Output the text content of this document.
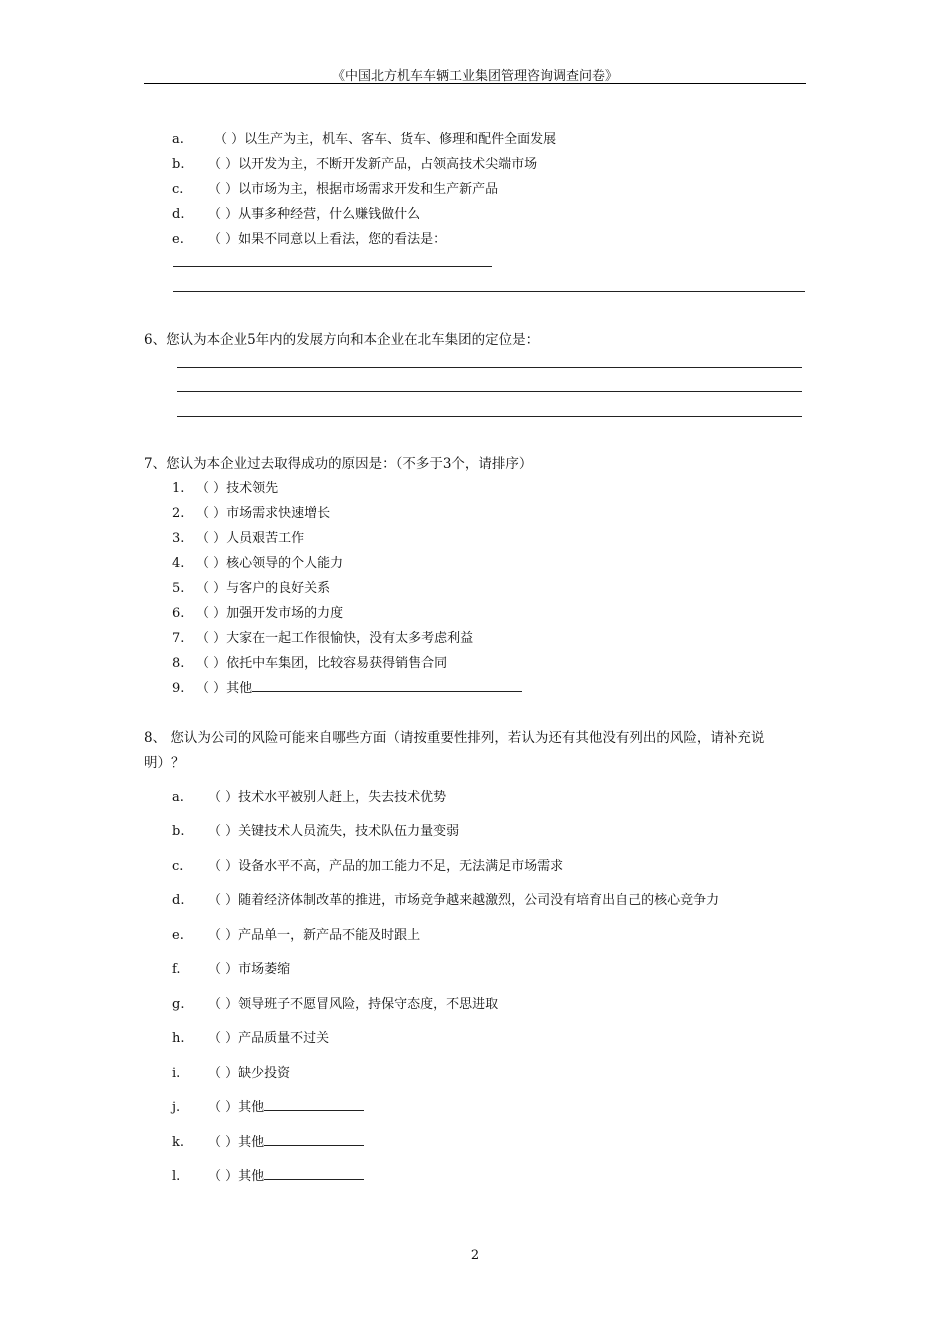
《中国北方机车车辆工业集团管理咨询调查问卷》
a. （ ）以生产为主，机车、客车、货车、修理和配件全面发展
b. （ ）以开发为主，不断开发新产品，占领高技术尖端市场
c. （ ）以市场为主，根据市场需求开发和生产新产品
d. （ ）从事多种经营，什么赚钱做什么
e. （ ）如果不同意以上看法，您的看法是：
6、您认为本企业5年内的发展方向和本企业在北车集团的定位是：
7、您认为本企业过去取得成功的原因是：（不多于3个，请排序）
1. （ ）技术领先
2. （ ）市场需求快速增长
3. （ ）人员艰苦工作
4. （ ）核心领导的个人能力
5. （ ）与客户的良好关系
6. （ ）加强开发市场的力度
7. （ ）大家在一起工作很愉快，没有太多考虑利益
8. （ ）依托中车集团，比较容易获得销售合同
9. （ ）其他
8、 您认为公司的风险可能来自哪些方面（请按重要性排列，若认为还有其他没有列出的风险，请补充说
明）？
a. （ ）技术水平被别人赶上，失去技术优势
b. （ ）关键技术人员流失，技术队伍力量变弱
c. （ ）设备水平不高，产品的加工能力不足，无法满足市场需求
d. （ ）随着经济体制改革的推进，市场竞争越来越激烈，公司没有培育出自己的核心竞争力
e. （ ）产品单一，新产品不能及时跟上
f. （ ）市场萎缩
g. （ ）领导班子不愿冒风险，持保守态度，不思进取
h. （ ）产品质量不过关
i. （ ）缺少投资
j. （ ）其他
k. （ ）其他
l. （ ）其他
2
